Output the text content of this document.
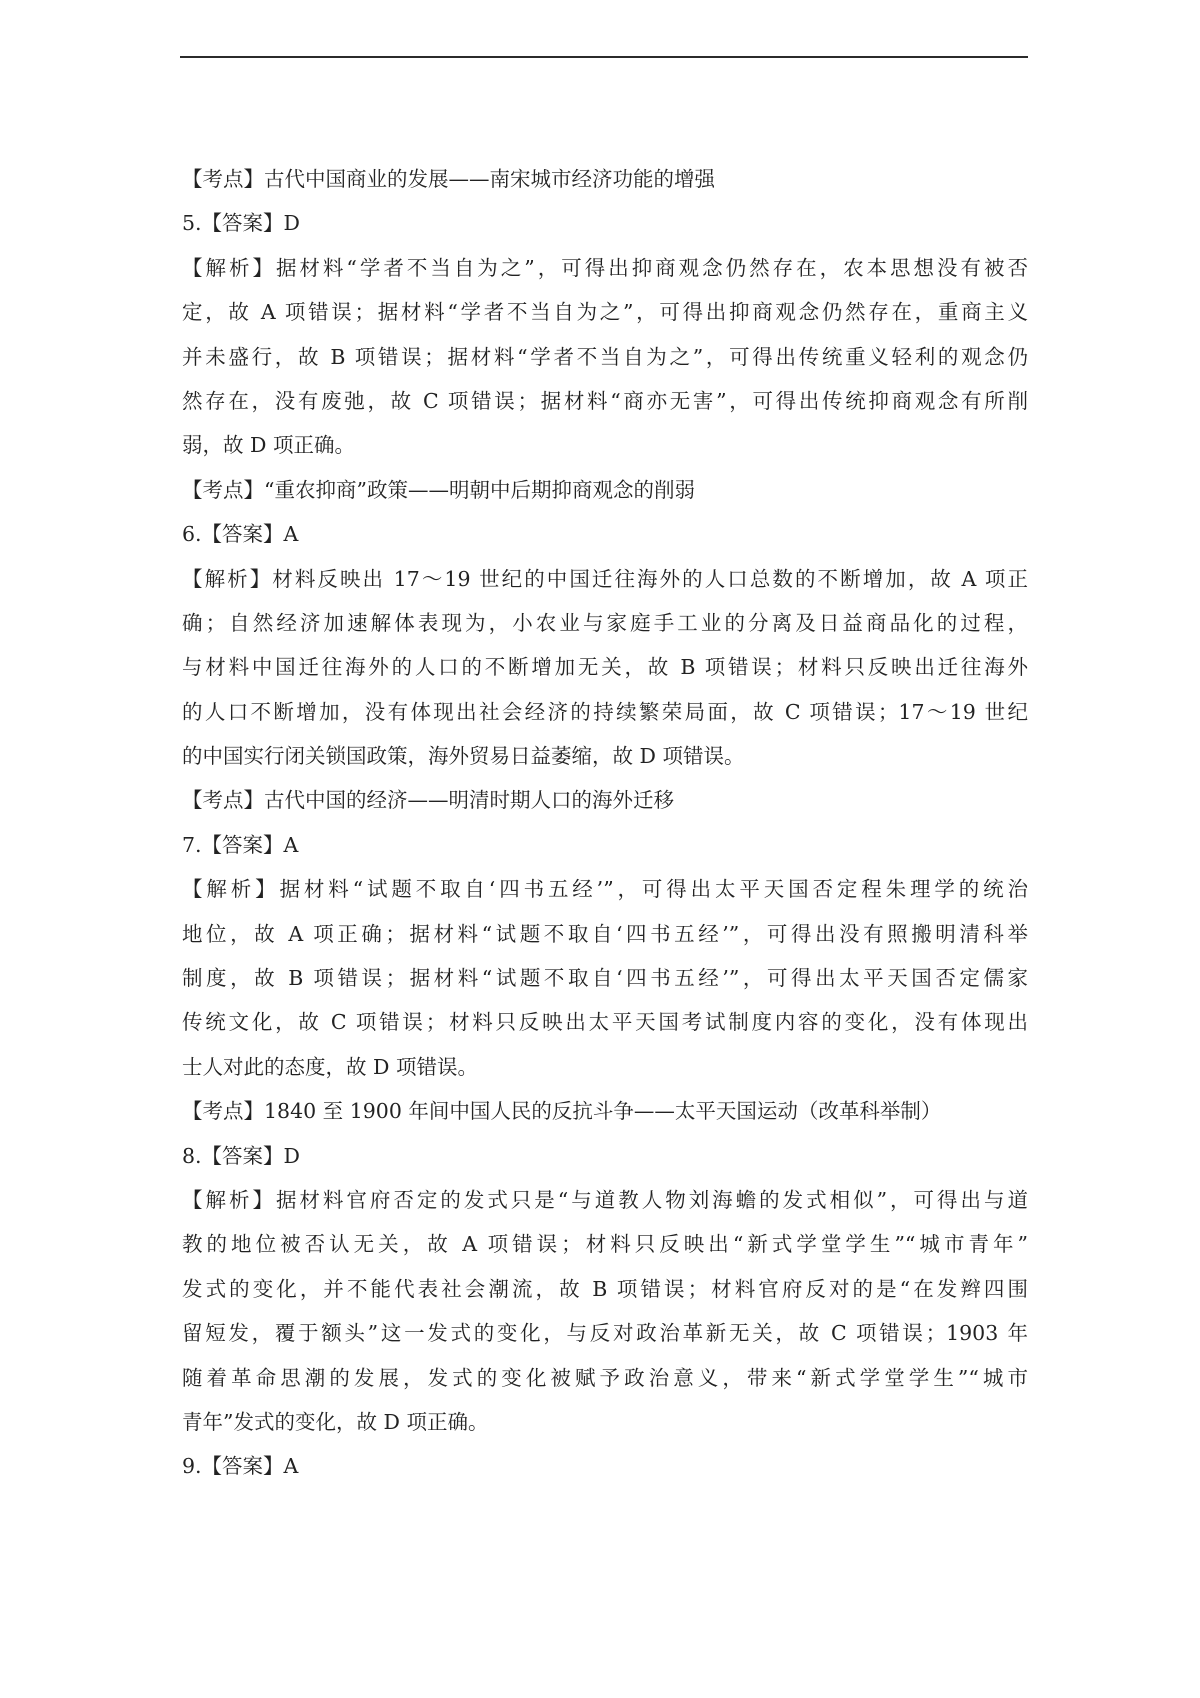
【考点】古代中国商业的发展——南宋城市经济功能的增强
5.【答案】D
【解析】据材料“学者不当自为之”，可得出抑商观念仍然存在，农本思想没有被否
定，故 A 项错误；据材料“学者不当自为之”，可得出抑商观念仍然存在，重商主义
并未盛行，故 B 项错误；据材料“学者不当自为之”，可得出传统重义轻利的观念仍
然存在，没有废弛，故 C 项错误；据材料“商亦无害”，可得出传统抑商观念有所削
弱，故 D 项正确。
【考点】“重农抑商”政策——明朝中后期抑商观念的削弱
6.【答案】A
【解析】材料反映出 17～19 世纪的中国迁往海外的人口总数的不断增加，故 A 项正
确；自然经济加速解体表现为，小农业与家庭手工业的分离及日益商品化的过程，
与材料中国迁往海外的人口的不断增加无关，故 B 项错误；材料只反映出迁往海外
的人口不断增加，没有体现出社会经济的持续繁荣局面，故 C 项错误；17～19 世纪
的中国实行闭关锁国政策，海外贸易日益萎缩，故 D 项错误。
【考点】古代中国的经济——明清时期人口的海外迁移
7.【答案】A
【解析】据材料“试题不取自‘四书五经’”，可得出太平天国否定程朱理学的统治
地位，故 A 项正确；据材料“试题不取自‘四书五经’”，可得出没有照搬明清科举
制度，故 B 项错误；据材料“试题不取自‘四书五经’”，可得出太平天国否定儒家
传统文化，故 C 项错误；材料只反映出太平天国考试制度内容的变化，没有体现出
士人对此的态度，故 D 项错误。
【考点】1840 至 1900 年间中国人民的反抗斗争——太平天国运动（改革科举制）
8.【答案】D
【解析】据材料官府否定的发式只是“与道教人物刘海蟾的发式相似”，可得出与道
教的地位被否认无关，故 A 项错误；材料只反映出“新式学堂学生”“城市青年”
发式的变化，并不能代表社会潮流，故 B 项错误；材料官府反对的是“在发辫四围
留短发，覆于额头”这一发式的变化，与反对政治革新无关，故 C 项错误；1903 年
随着革命思潮的发展，发式的变化被赋予政治意义，带来“新式学堂学生”“城市
青年”发式的变化，故 D 项正确。
9.【答案】A
